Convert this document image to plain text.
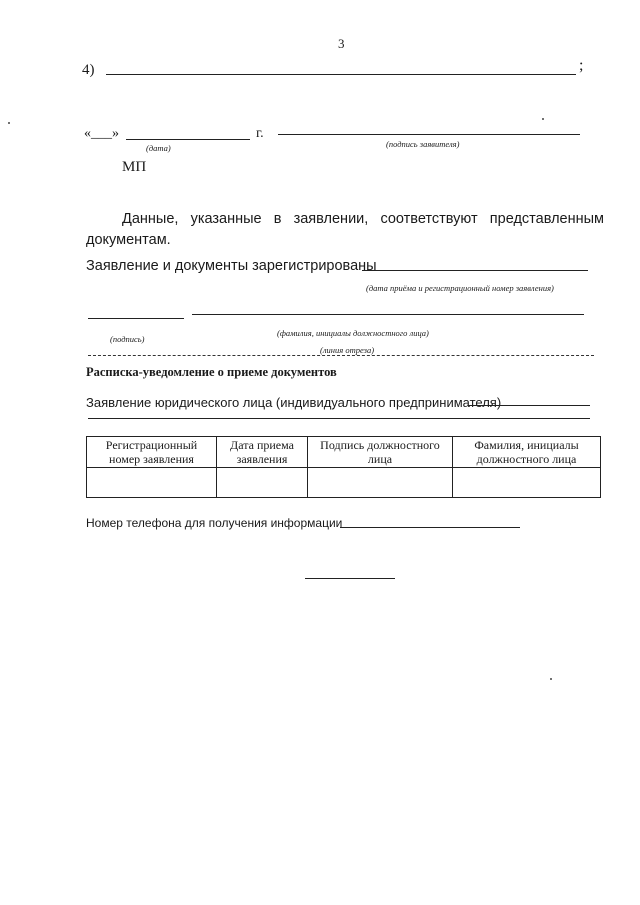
3
4)	;
«___»	г.
(дата)	(подпись заявителя)
МП
Данные, указанные в заявлении, соответствуют представленным документам.
Заявление и документы зарегистрированы
(дата приёма и регистрационный номер заявления)
(подпись)
(фамилия, инициалы должностного лица)
(линия отреза)
Расписка-уведомление о приеме документов
Заявление юридического лица (индивидуального предпринимателя)
Регистрационный номер заявления	Дата приема заявления	Подпись должностного лица	Фамилия, инициалы должностного лица

Номер телефона для получения информации
